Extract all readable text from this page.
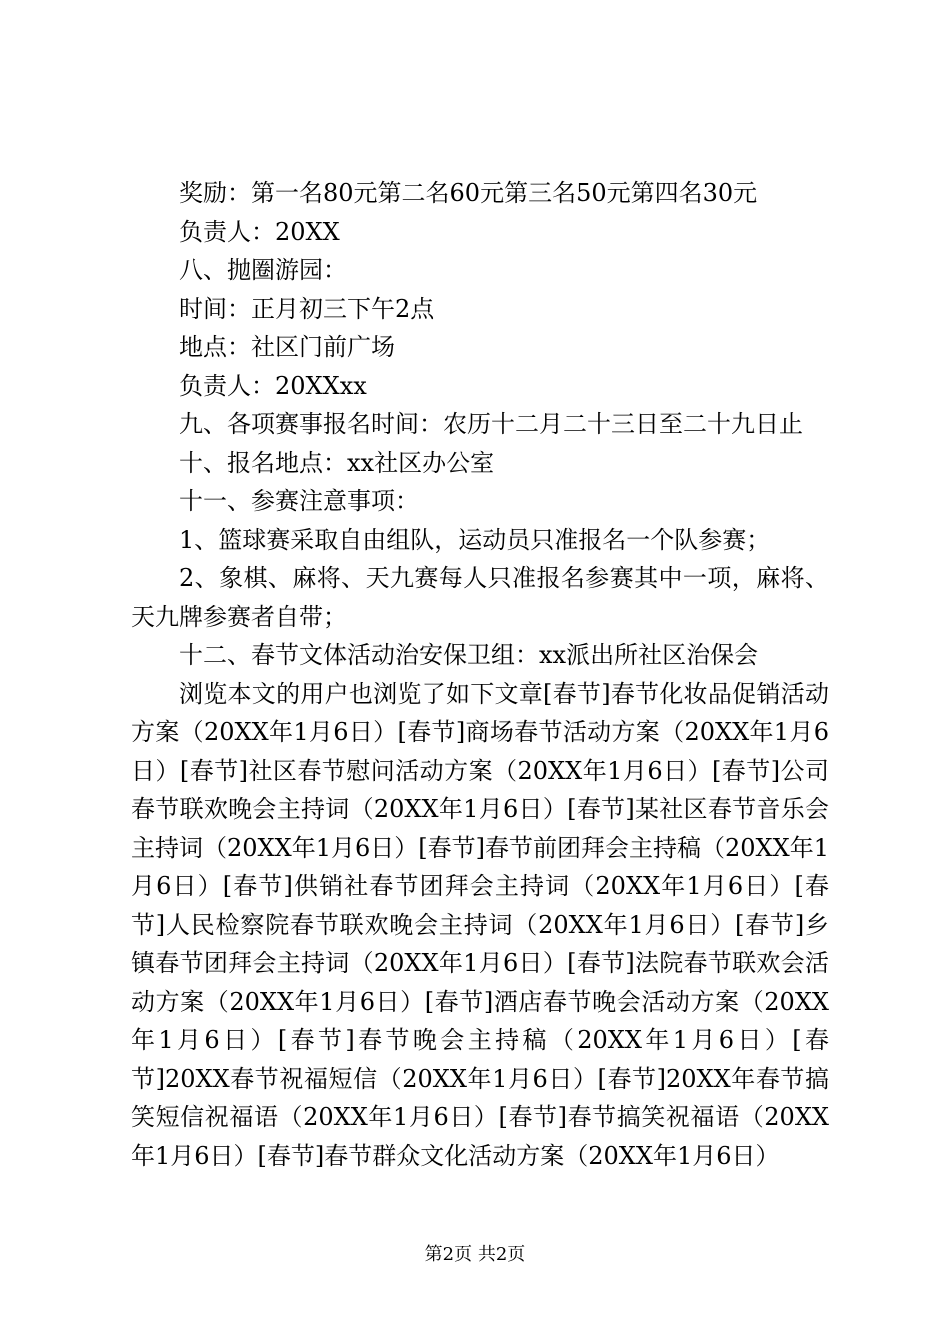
奖励：第一名80元第二名60元第三名50元第四名30元
负责人：20XX
八、抛圈游园：
时间：正月初三下午2点
地点：社区门前广场
负责人：20XXxx
九、各项赛事报名时间：农历十二月二十三日至二十九日止
十、报名地点：xx社区办公室
十一、参赛注意事项：
1、篮球赛采取自由组队，运动员只准报名一个队参赛；
2、象棋、麻将、天九赛每人只准报名参赛其中一项，麻将、天九牌参赛者自带；
十二、春节文体活动治安保卫组：xx派出所社区治保会
浏览本文的用户也浏览了如下文章[春节]春节化妆品促销活动方案（20XX年1月6日）[春节]商场春节活动方案（20XX年1月6日）[春节]社区春节慰问活动方案（20XX年1月6日）[春节]公司春节联欢晚会主持词（20XX年1月6日）[春节]某社区春节音乐会主持词（20XX年1月6日）[春节]春节前团拜会主持稿（20XX年1月6日）[春节]供销社春节团拜会主持词（20XX年1月6日）[春节]人民检察院春节联欢晚会主持词（20XX年1月6日）[春节]乡镇春节团拜会主持词（20XX年1月6日）[春节]法院春节联欢会活动方案（20XX年1月6日）[春节]酒店春节晚会活动方案（20XX年1月6日）[春节]春节晚会主持稿（20XX年1月6日）[春节]20XX春节祝福短信（20XX年1月6日）[春节]20XX年春节搞笑短信祝福语（20XX年1月6日）[春节]春节搞笑祝福语（20XX年1月6日）[春节]春节群众文化活动方案（20XX年1月6日）
第2页 共2页
